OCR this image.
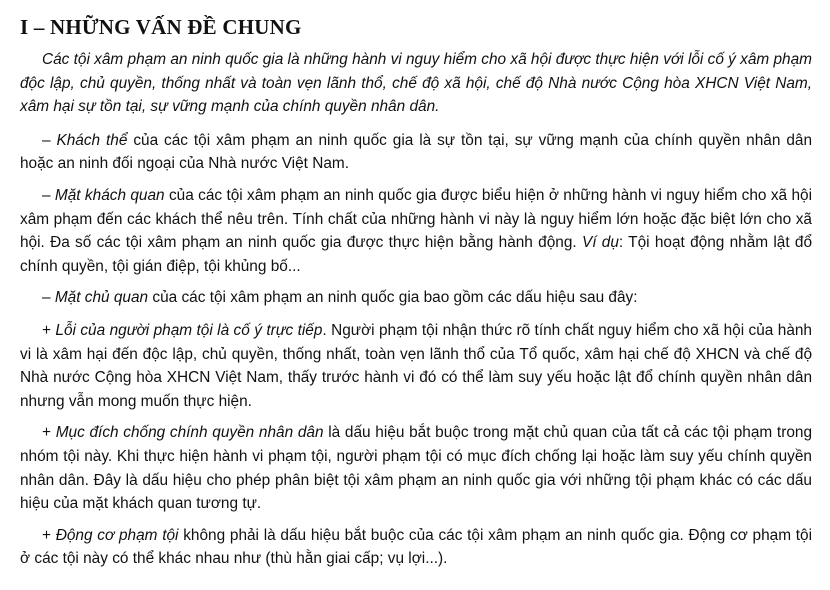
I – NHỮNG VẤN ĐỀ CHUNG

Các tội xâm phạm an ninh quốc gia là những hành vi nguy hiểm cho xã hội được thực hiện với lỗi cố ý xâm phạm độc lập, chủ quyền, thống nhất và toàn vẹn lãnh thổ, chế độ xã hội, chế độ Nhà nước Cộng hòa XHCN Việt Nam, xâm hại sự tồn tại, sự vững mạnh của chính quyền nhân dân.

– Khách thể của các tội xâm phạm an ninh quốc gia là sự tồn tại, sự vững mạnh của chính quyền nhân dân hoặc an ninh đối ngoại của Nhà nước Việt Nam.

– Mặt khách quan của các tội xâm phạm an ninh quốc gia được biểu hiện ở những hành vi nguy hiểm cho xã hội xâm phạm đến các khách thể nêu trên. Tính chất của những hành vi này là nguy hiểm lớn hoặc đặc biệt lớn cho xã hội. Đa số các tội xâm phạm an ninh quốc gia được thực hiện bằng hành động. Ví dụ: Tội hoạt động nhằm lật đổ chính quyền, tội gián điệp, tội khủng bố...

– Mặt chủ quan của các tội xâm phạm an ninh quốc gia bao gồm các dấu hiệu sau đây:

+ Lỗi của người phạm tội là cố ý trực tiếp. Người phạm tội nhận thức rõ tính chất nguy hiểm cho xã hội của hành vi là xâm hại đến độc lập, chủ quyền, thống nhất, toàn vẹn lãnh thổ của Tổ quốc, xâm hại chế độ XHCN và chế độ Nhà nước Cộng hòa XHCN Việt Nam, thấy trước hành vi đó có thể làm suy yếu hoặc lật đổ chính quyền nhân dân nhưng vẫn mong muốn thực hiện.

+ Mục đích chống chính quyền nhân dân là dấu hiệu bắt buộc trong mặt chủ quan của tất cả các tội phạm trong nhóm tội này. Khi thực hiện hành vi phạm tội, người phạm tội có mục đích chống lại hoặc làm suy yếu chính quyền nhân dân. Đây là dấu hiệu cho phép phân biệt tội xâm phạm an ninh quốc gia với những tội phạm khác có các dấu hiệu của mặt khách quan tương tự.

+ Động cơ phạm tội không phải là dấu hiệu bắt buộc của các tội xâm phạm an ninh quốc gia. Động cơ phạm tội ở các tội này có thể khác nhau như (thù hằn giai cấp; vụ lợi...).
